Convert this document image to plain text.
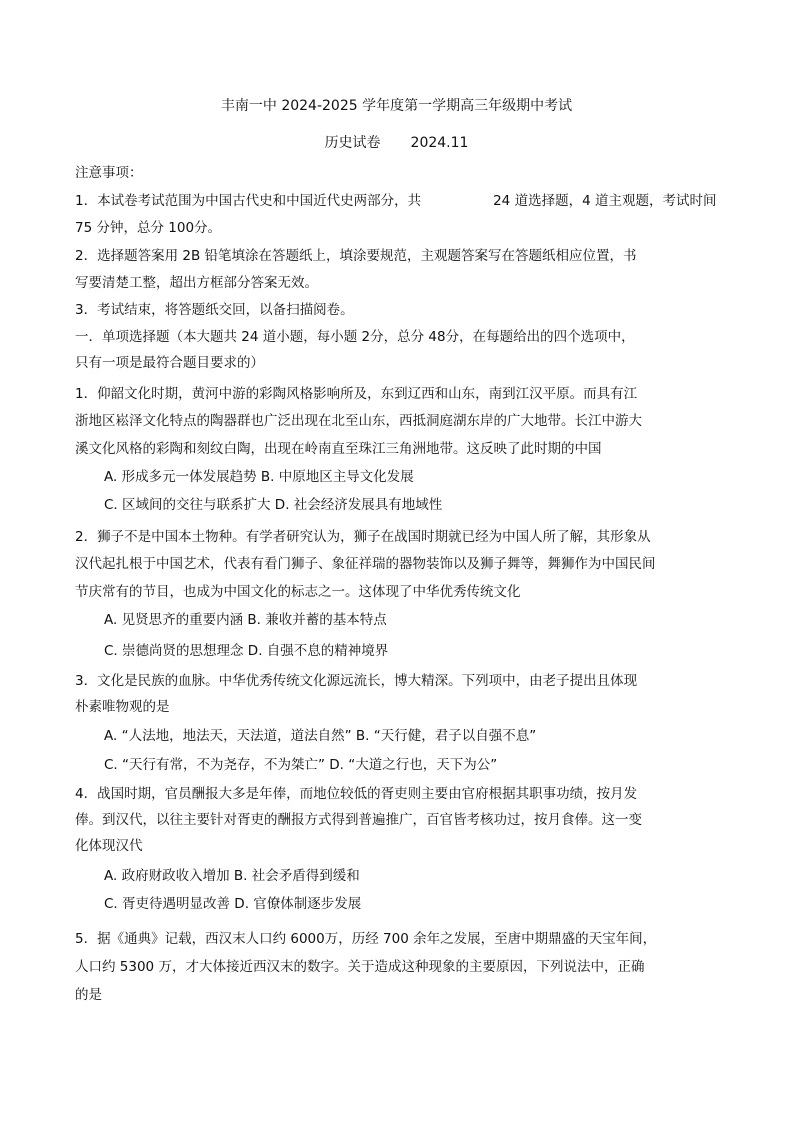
丰南一中 2024-2025 学年度第一学期高三年级期中考试
历史试卷 2024.11
注意事项：
1．本试卷考试范围为中国古代史和中国近代史两部分，共	24 道选择题，4 道主观题，考试时间
75 分钟，总分 100分。
2．选择题答案用 2B 铅笔填涂在答题纸上，填涂要规范，主观题答案写在答题纸相应位置，书
写要清楚工整，超出方框部分答案无效。
3．考试结束，将答题纸交回，以备扫描阅卷。
一．单项选择题（本大题共 24 道小题，每小题 2分，总分 48分，在每题给出的四个选项中，
只有一项是最符合题目要求的）
1．仰韶文化时期，黄河中游的彩陶风格影响所及，东到辽西和山东，南到江汉平原。而具有江
浙地区崧泽文化特点的陶器群也广泛出现在北至山东，西抵洞庭湖东岸的广大地带。长江中游大
溪文化风格的彩陶和刻纹白陶，出现在岭南直至珠江三角洲地带。这反映了此时期的中国
A. 形成多元一体发展趋势 B. 中原地区主导文化发展
C. 区域间的交往与联系扩大 D. 社会经济发展具有地域性
2．狮子不是中国本土物种。有学者研究认为，狮子在战国时期就已经为中国人所了解，其形象从
汉代起扎根于中国艺术，代表有看门狮子、象征祥瑞的器物装饰以及狮子舞等，舞狮作为中国民间
节庆常有的节目，也成为中国文化的标志之一。这体现了中华优秀传统文化
A. 见贤思齐的重要内涵 B. 兼收并蓄的基本特点
C. 崇德尚贤的思想理念 D. 自强不息的精神境界
3．文化是民族的血脉。中华优秀传统文化源远流长，博大精深。下列项中，由老子提出且体现
朴素唯物观的是
A. “人法地，地法天，天法道，道法自然” B. “天行健，君子以自强不息”
C. “天行有常，不为尧存，不为桀亡” D. “大道之行也，天下为公”
4．战国时期，官员酬报大多是年俸，而地位较低的胥吏则主要由官府根据其职事功绩，按月发
俸。到汉代，以往主要针对胥吏的酬报方式得到普遍推广，百官皆考核功过，按月食俸。这一变
化体现汉代
A. 政府财政收入增加 B. 社会矛盾得到缓和
C. 胥吏待遇明显改善 D. 官僚体制逐步发展
5．据《通典》记载，西汉末人口约 6000万，历经 700 余年之发展，至唐中期鼎盛的天宝年间，
人口约 5300 万，才大体接近西汉末的数字。关于造成这种现象的主要原因，下列说法中，正确
的是
